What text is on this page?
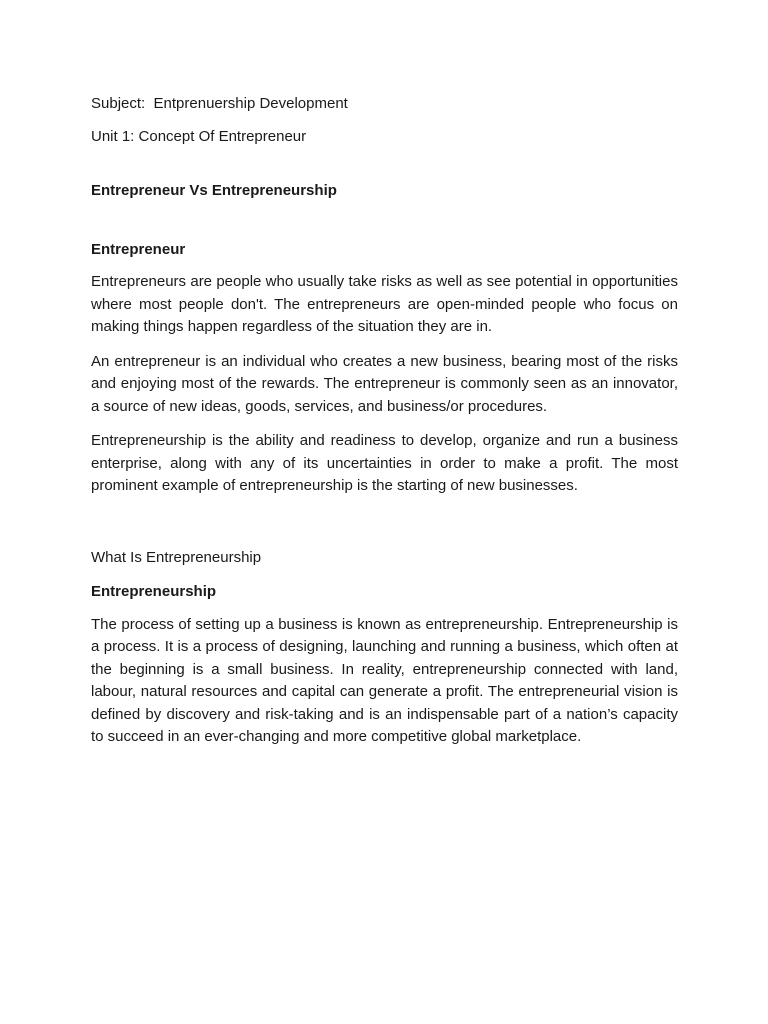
Subject: Entprenuership Development

Unit 1: Concept Of Entrepreneur

Entrepreneur Vs Entrepreneurship

Entrepreneur

Entrepreneurs are people who usually take risks as well as see potential in opportunities where most people don't. The entrepreneurs are open-minded people who focus on making things happen regardless of the situation they are in.

An entrepreneur is an individual who creates a new business, bearing most of the risks and enjoying most of the rewards. The entrepreneur is commonly seen as an innovator, a source of new ideas, goods, services, and business/or procedures.

Entrepreneurship is the ability and readiness to develop, organize and run a business enterprise, along with any of its uncertainties in order to make a profit. The most prominent example of entrepreneurship is the starting of new businesses.

What Is Entrepreneurship

Entrepreneurship

The process of setting up a business is known as entrepreneurship. Entrepreneurship is a process. It is a process of designing, launching and running a business, which often at the beginning is a small business. In reality, entrepreneurship connected with land, labour, natural resources and capital can generate a profit. The entrepreneurial vision is defined by discovery and risk-taking and is an indispensable part of a nation’s capacity to succeed in an ever-changing and more competitive global marketplace.
